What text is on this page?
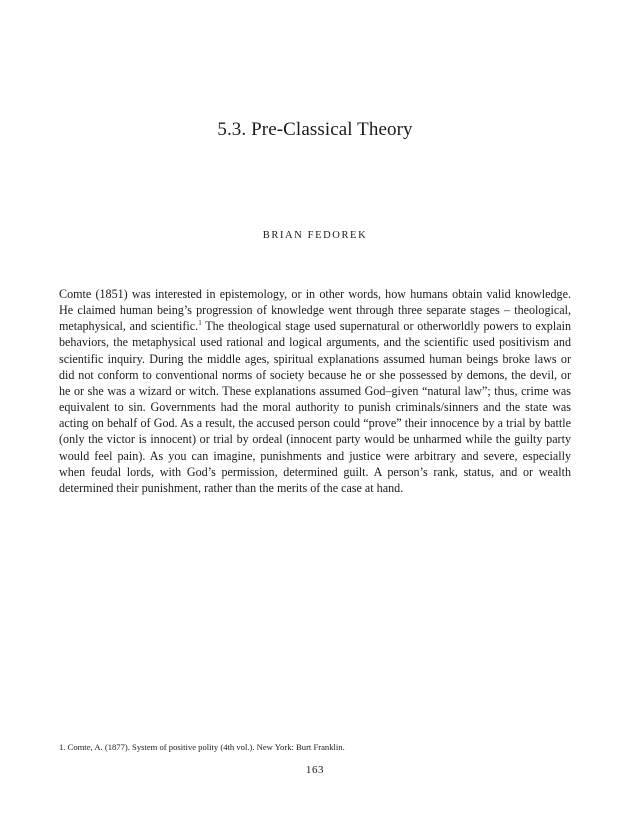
5.3. Pre-Classical Theory
BRIAN FEDOREK

Comte (1851) was interested in epistemology, or in other words, how humans obtain valid knowledge. He claimed human being’s progression of knowledge went through three separate stages – theological, metaphysical, and scientific.$^1$ The theological stage used supernatural or otherworldly powers to explain behaviors, the metaphysical used rational and logical arguments, and the scientific used positivism and scientific inquiry. During the middle ages, spiritual explanations assumed human beings broke laws or did not conform to conventional norms of society because he or she possessed by demons, the devil, or he or she was a wizard or witch. These explanations assumed God–given “natural law”; thus, crime was equivalent to sin. Governments had the moral authority to punish criminals/sinners and the state was acting on behalf of God. As a result, the accused person could “prove” their innocence by a trial by battle (only the victor is innocent) or trial by ordeal (innocent party would be unharmed while the guilty party would feel pain). As you can imagine, punishments and justice were arbitrary and severe, especially when feudal lords, with God’s permission, determined guilt. A person’s rank, status, and or wealth determined their punishment, rather than the merits of the case at hand.

1. Comte, A. (1877). System of positive polity (4th vol.). New York: Burt Franklin.
163
